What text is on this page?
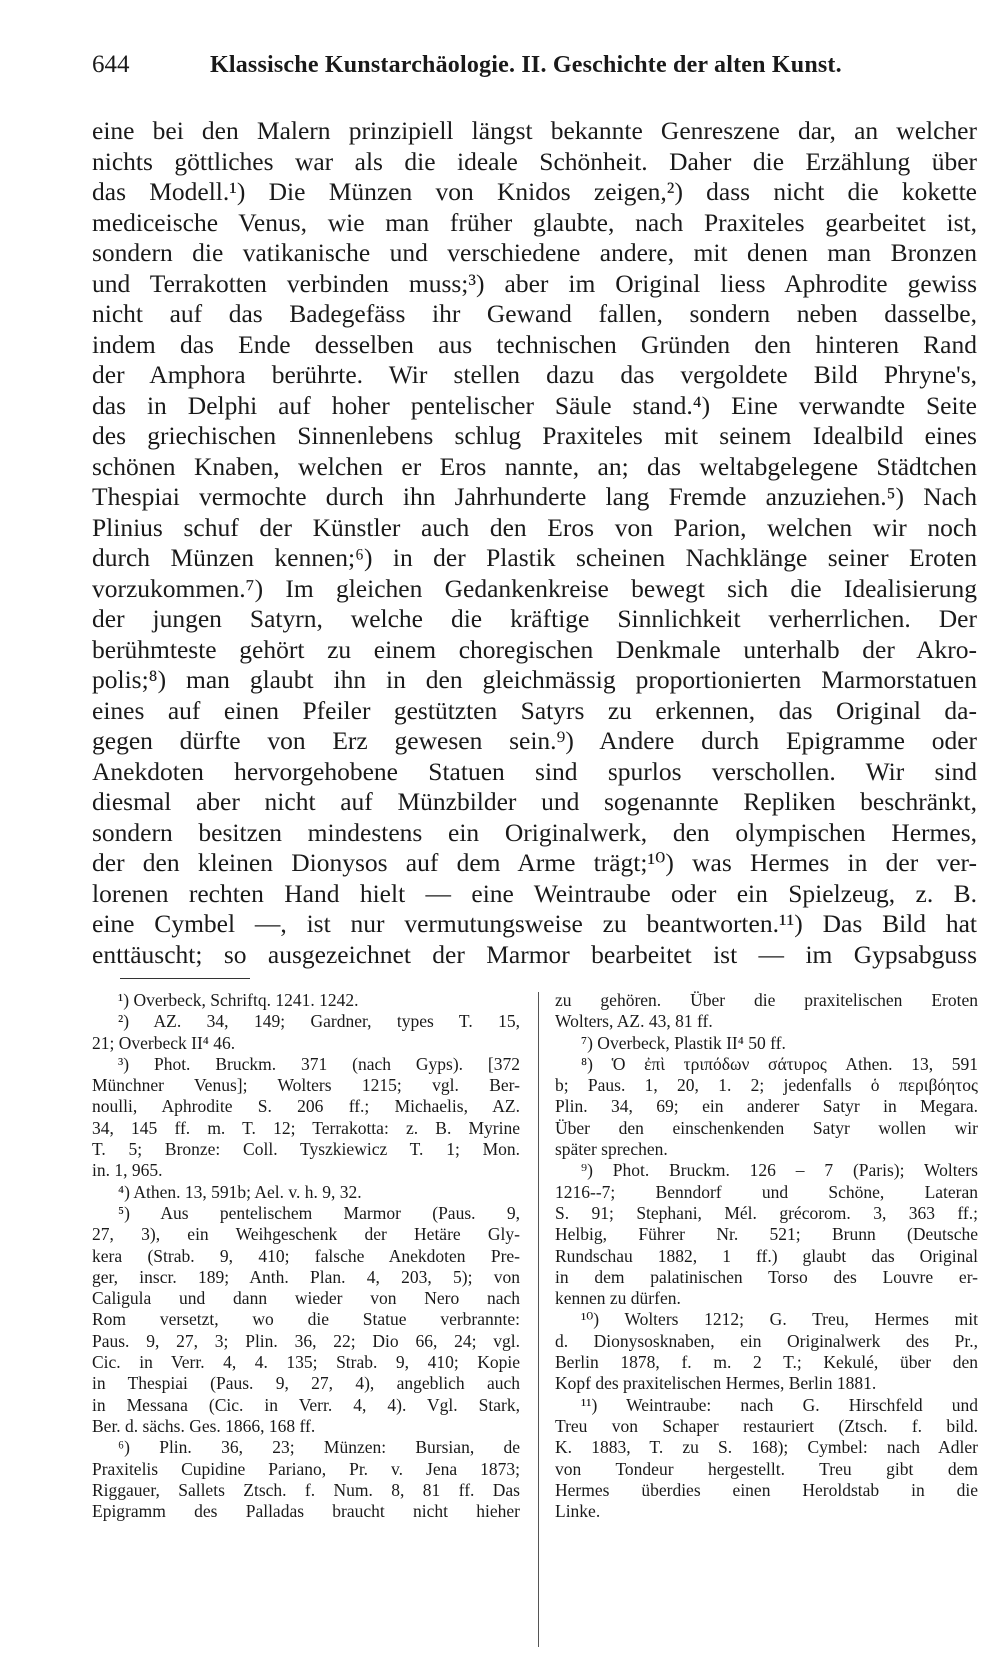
644	Klassische Kunstarchäologie. II. Geschichte der alten Kunst.
eine bei den Malern prinzipiell längst bekannte Genreszene dar, an welcher
nichts göttliches war als die ideale Schönheit. Daher die Erzählung über
das Modell.¹) Die Münzen von Knidos zeigen,²) dass nicht die kokette
mediceische Venus, wie man früher glaubte, nach Praxiteles gearbeitet ist,
sondern die vatikanische und verschiedene andere, mit denen man Bronzen
und Terrakotten verbinden muss;³) aber im Original liess Aphrodite gewiss
nicht auf das Badegefäss ihr Gewand fallen, sondern neben dasselbe,
indem das Ende desselben aus technischen Gründen den hinteren Rand
der Amphora berührte. Wir stellen dazu das vergoldete Bild Phryne's,
das in Delphi auf hoher pentelischer Säule stand.⁴) Eine verwandte Seite
des griechischen Sinnenlebens schlug Praxiteles mit seinem Idealbild eines
schönen Knaben, welchen er Eros nannte, an; das weltabgelegene Städtchen
Thespiai vermochte durch ihn Jahrhunderte lang Fremde anzuziehen.⁵) Nach
Plinius schuf der Künstler auch den Eros von Parion, welchen wir noch
durch Münzen kennen;⁶) in der Plastik scheinen Nachklänge seiner Eroten
vorzukommen.⁷) Im gleichen Gedankenkreise bewegt sich die Idealisierung
der jungen Satyrn, welche die kräftige Sinnlichkeit verherrlichen. Der
berühmteste gehört zu einem choregischen Denkmale unterhalb der Akro-
polis;⁸) man glaubt ihn in den gleichmässig proportionierten Marmorstatuen
eines auf einen Pfeiler gestützten Satyrs zu erkennen, das Original da-
gegen dürfte von Erz gewesen sein.⁹) Andere durch Epigramme oder
Anekdoten hervorgehobene Statuen sind spurlos verschollen. Wir sind
diesmal aber nicht auf Münzbilder und sogenannte Repliken beschränkt,
sondern besitzen mindestens ein Originalwerk, den olympischen Hermes,
der den kleinen Dionysos auf dem Arme trägt;¹⁰) was Hermes in der ver-
lorenen rechten Hand hielt — eine Weintraube oder ein Spielzeug, z. B.
eine Cymbel —, ist nur vermutungsweise zu beantworten.¹¹) Das Bild hat
enttäuscht; so ausgezeichnet der Marmor bearbeitet ist — im Gypsabguss
¹) Overbeck, Schriftq. 1241. 1242.
²) AZ. 34, 149; Gardner, types T. 15,
21; Overbeck II⁴ 46.
³) Phot. Bruckm. 371 (nach Gyps). [372
Münchner Venus]; Wolters 1215; vgl. Ber-
noulli, Aphrodite S. 206 ff.; Michaelis, AZ.
34, 145 ff. m. T. 12; Terrakotta: z. B. Myrine
T. 5; Bronze: Coll. Tyszkiewicz T. 1; Mon.
in. 1, 965.
⁴) Athen. 13, 591b; Ael. v. h. 9, 32.
⁵) Aus pentelischem Marmor (Paus. 9,
27, 3), ein Weihgeschenk der Hetäre Gly-
kera (Strab. 9, 410; falsche Anekdoten Pre-
ger, inscr. 189; Anth. Plan. 4, 203, 5); von
Caligula und dann wieder von Nero nach
Rom versetzt, wo die Statue verbrannte:
Paus. 9, 27, 3; Plin. 36, 22; Dio 66, 24; vgl.
Cic. in Verr. 4, 4. 135; Strab. 9, 410; Kopie
in Thespiai (Paus. 9, 27, 4), angeblich auch
in Messana (Cic. in Verr. 4, 4). Vgl. Stark,
Ber. d. sächs. Ges. 1866, 168 ff.
⁶) Plin. 36, 23; Münzen: Bursian, de
Praxitelis Cupidine Pariano, Pr. v. Jena 1873;
Riggauer, Sallets Ztsch. f. Num. 8, 81 ff. Das
Epigramm des Palladas braucht nicht hieher
zu gehören. Über die praxitelischen Eroten
Wolters, AZ. 43, 81 ff.
⁷) Overbeck, Plastik II⁴ 50 ff.
⁸) Ὁ ἐπὶ τριπόδων σάτυρος Athen. 13, 591
b; Paus. 1, 20, 1. 2; jedenfalls ὁ περιβόητος
Plin. 34, 69; ein anderer Satyr in Megara.
Über den einschenkenden Satyr wollen wir
später sprechen.
⁹) Phot. Bruckm. 126 – 7 (Paris); Wolters
1216--7; Benndorf und Schöne, Lateran
S. 91; Stephani, Mél. grécorom. 3, 363 ff.;
Helbig, Führer Nr. 521; Brunn (Deutsche
Rundschau 1882, 1 ff.) glaubt das Original
in dem palatinischen Torso des Louvre er-
kennen zu dürfen.
¹⁰) Wolters 1212; G. Treu, Hermes mit
d. Dionysosknaben, ein Originalwerk des Pr.,
Berlin 1878, f. m. 2 T.; Kekulé, über den
Kopf des praxitelischen Hermes, Berlin 1881.
¹¹) Weintraube: nach G. Hirschfeld und
Treu von Schaper restauriert (Ztsch. f. bild.
K. 1883, T. zu S. 168); Cymbel: nach Adler
von Tondeur hergestellt. Treu gibt dem
Hermes überdies einen Heroldstab in die
Linke.
